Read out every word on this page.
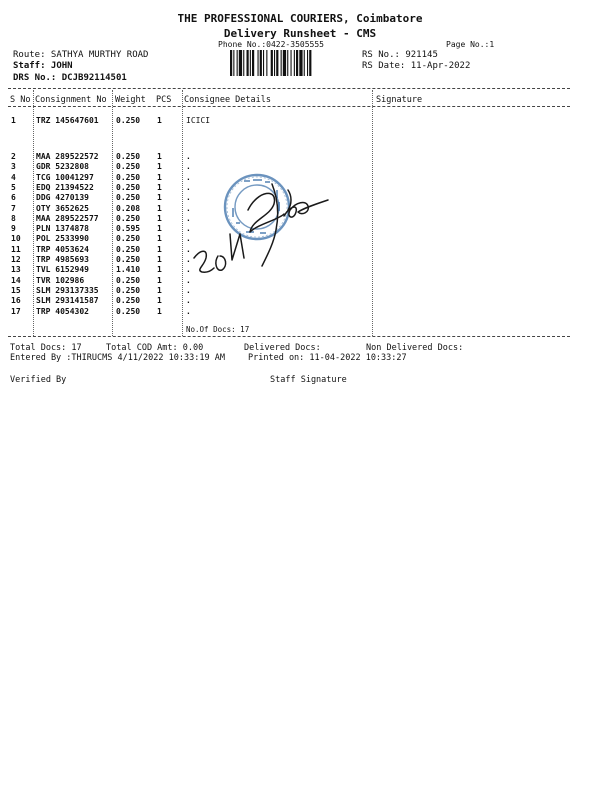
THE PROFESSIONAL COURIERS, Coimbatore
Delivery Runsheet - CMS
Phone No.:0422-3505555	Page No.:1
Route: SATHYA MURTHY ROAD
Staff: JOHN
DRS No.: DCJB92114501
RS No.: 921145
RS Date: 11-Apr-2022
S No Consignment No Weight PCS Consignee Details	Signature
1	TRZ 145647601 0.250 1	ICICI
2	MAA 289522572 0.250 1	.
3	GDR 5232808	0.250 1	.
4	TCG 10041297	0.250 1	.
5	EDQ 21394522	0.250 1	.
6	DDG 4270139	0.250 1	.
7	OTY 3652625	0.208 1	.
8	MAA 289522577 0.250 1	.
9	PLN 1374878	0.595 1	.
10 POL 2533990	0.250 1	.
11 TRP 4053624	0.250 1	.
12 TRP 4985693	0.250 1	.
13 TVL 6152949	1.410 1	.
14 TVR 102986	0.250 1	.
15 SLM 293137335 0.250 1	.
16 SLM 293141587 0.250 1	.
17 TRP 4054302	0.250 1	.
No.Of Docs: 17
Total Docs: 17	Total COD Amt: 0.00	Delivered Docs:	Non Delivered Docs:
Entered By :THIRUCMS 4/11/2022 10:33:19 AM	Printed on: 11-04-2022 10:33:27
Verified By	Staff Signature
